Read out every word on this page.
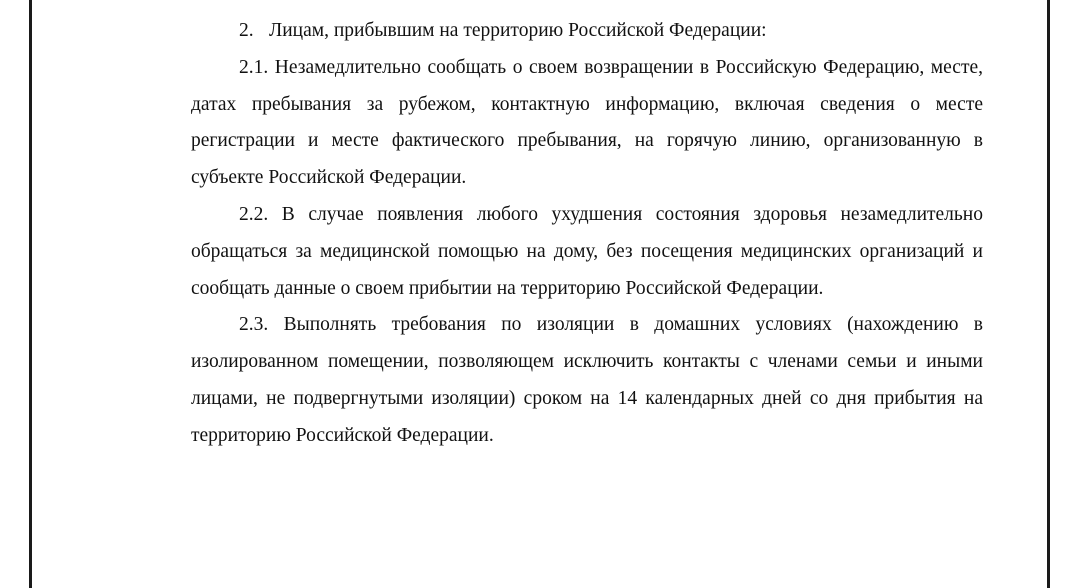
2. Лицам, прибывшим на территорию Российской Федерации:

2.1. Незамедлительно сообщать о своем возвращении в Российскую Федерацию, месте, датах пребывания за рубежом, контактную информацию, включая сведения о месте регистрации и месте фактического пребывания, на горячую линию, организованную в субъекте Российской Федерации.

2.2. В случае появления любого ухудшения состояния здоровья незамедлительно обращаться за медицинской помощью на дому, без посещения медицинских организаций и сообщать данные о своем прибытии на территорию Российской Федерации.

2.3. Выполнять требования по изоляции в домашних условиях (нахождению в изолированном помещении, позволяющем исключить контакты с членами семьи и иными лицами, не подвергнутыми изоляции) сроком на 14 календарных дней со дня прибытия на территорию Российской Федерации.
